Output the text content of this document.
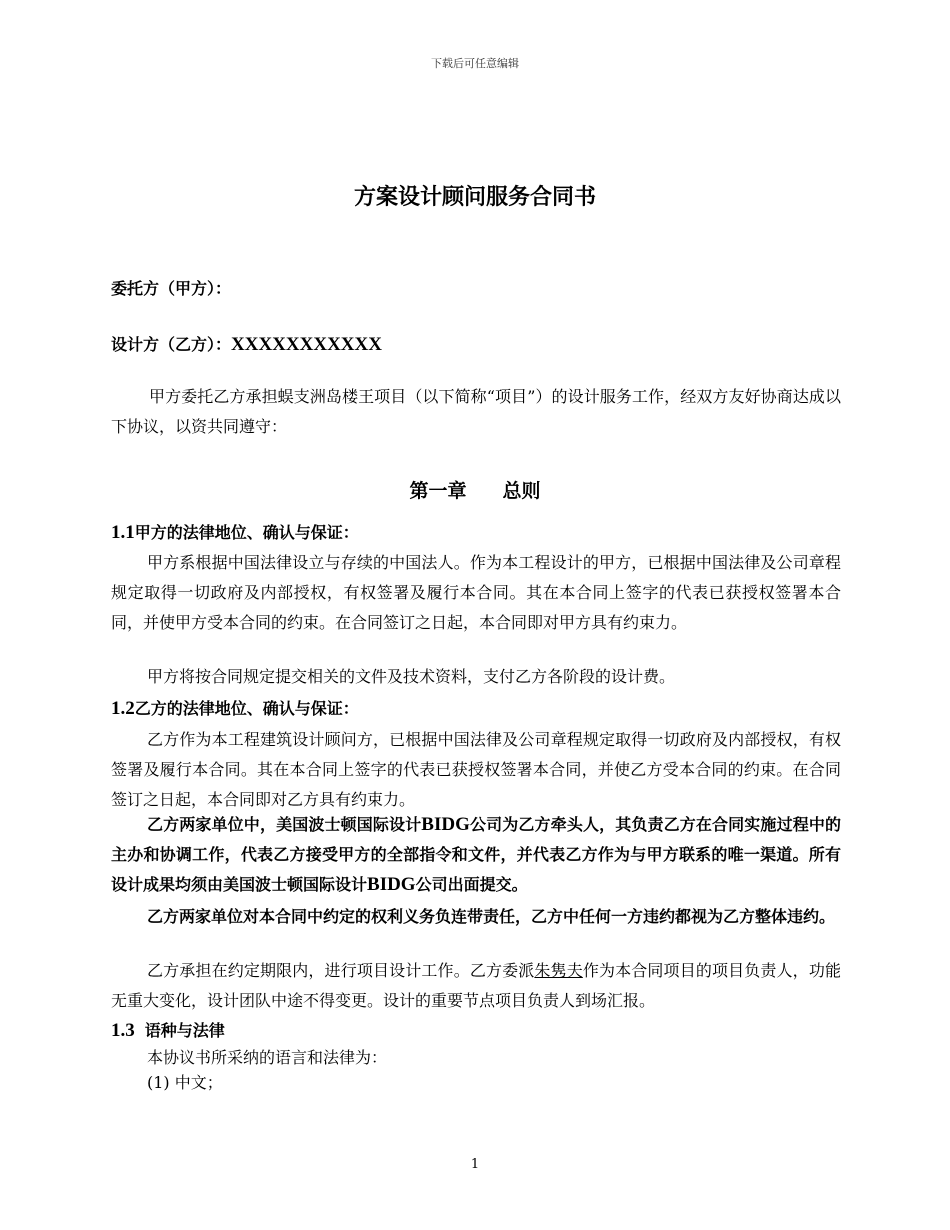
下载后可任意编辑
方案设计顾问服务合同书
委托方（甲方）：
设计方（乙方）：XXXXXXXXXXX
甲方委托乙方承担蜈支洲岛楼王项目（以下简称“项目”）的设计服务工作，经双方友好协商达成以下协议，以资共同遵守：
第一章 总则
1.1甲方的法律地位、确认与保证：
甲方系根据中国法律设立与存续的中国法人。作为本工程设计的甲方，已根据中国法律及公司章程规定取得一切政府及内部授权，有权签署及履行本合同。其在本合同上签字的代表已获授权签署本合同，并使甲方受本合同的约束。在合同签订之日起，本合同即对甲方具有约束力。
甲方将按合同规定提交相关的文件及技术资料，支付乙方各阶段的设计费。
1.2乙方的法律地位、确认与保证：
乙方作为本工程建筑设计顾问方，已根据中国法律及公司章程规定取得一切政府及内部授权，有权签署及履行本合同。其在本合同上签字的代表已获授权签署本合同，并使乙方受本合同的约束。在合同签订之日起，本合同即对乙方具有约束力。
乙方两家单位中，美国波士顿国际设计BIDG公司为乙方牵头人，其负责乙方在合同实施过程中的主办和协调工作，代表乙方接受甲方的全部指令和文件，并代表乙方作为与甲方联系的唯一渠道。所有设计成果均须由美国波士顿国际设计BIDG公司出面提交。
乙方两家单位对本合同中约定的权利义务负连带责任，乙方中任何一方违约都视为乙方整体违约。
乙方承担在约定期限内，进行项目设计工作。乙方委派朱隽夫作为本合同项目的项目负责人，功能无重大变化，设计团队中途不得变更。设计的重要节点项目负责人到场汇报。
1.3 语种与法律
本协议书所采纳的语言和法律为：
(1) 中文；
1
